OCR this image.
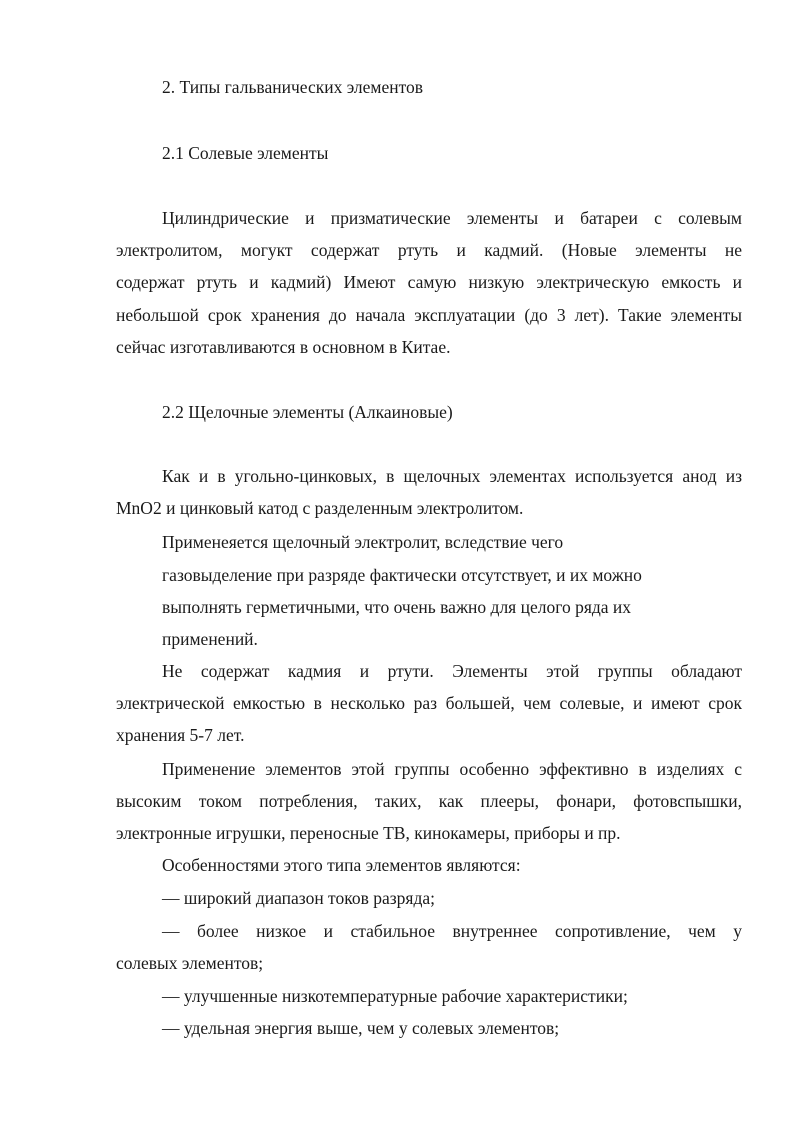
2. Типы гальванических элементов
2.1 Солевые элементы
Цилиндрические и призматические элементы и батареи с солевым
электролитом, могукт содержат ртуть и кадмий. (Новые элементы не
содержат ртуть и кадмий) Имеют самую низкую электрическую емкость и
небольшой срок хранения до начала эксплуатации (до 3 лет). Такие элементы
сейчас изготавливаются в основном в Китае.
2.2 Щелочные элементы (Алкаиновые)
Как и в угольно-цинковых, в щелочных элементах используется анод из
MnO2 и цинковый катод с разделенным электролитом.
Применеяется щелочный электролит, вследствие чего
газовыделение при разряде фактически отсутствует, и их можно
выполнять герметичными, что очень важно для целого ряда их
применений.
Не содержат кадмия и ртути. Элементы этой группы обладают
электрической емкостью в несколько раз большей, чем солевые, и имеют срок
хранения 5-7 лет.
Применение элементов этой группы особенно эффективно в изделиях с
высоким током потребления, таких, как плееры, фонари, фотовспышки,
электронные игрушки, переносные ТВ, кинокамеры, приборы и пр.
Особенностями этого типа элементов являются:
— широкий диапазон токов разряда;
— более низкое и стабильное внутреннее сопротивление, чем у
солевых элементов;
— улучшенные низкотемпературные рабочие характеристики;
— удельная энергия выше, чем у солевых элементов;
